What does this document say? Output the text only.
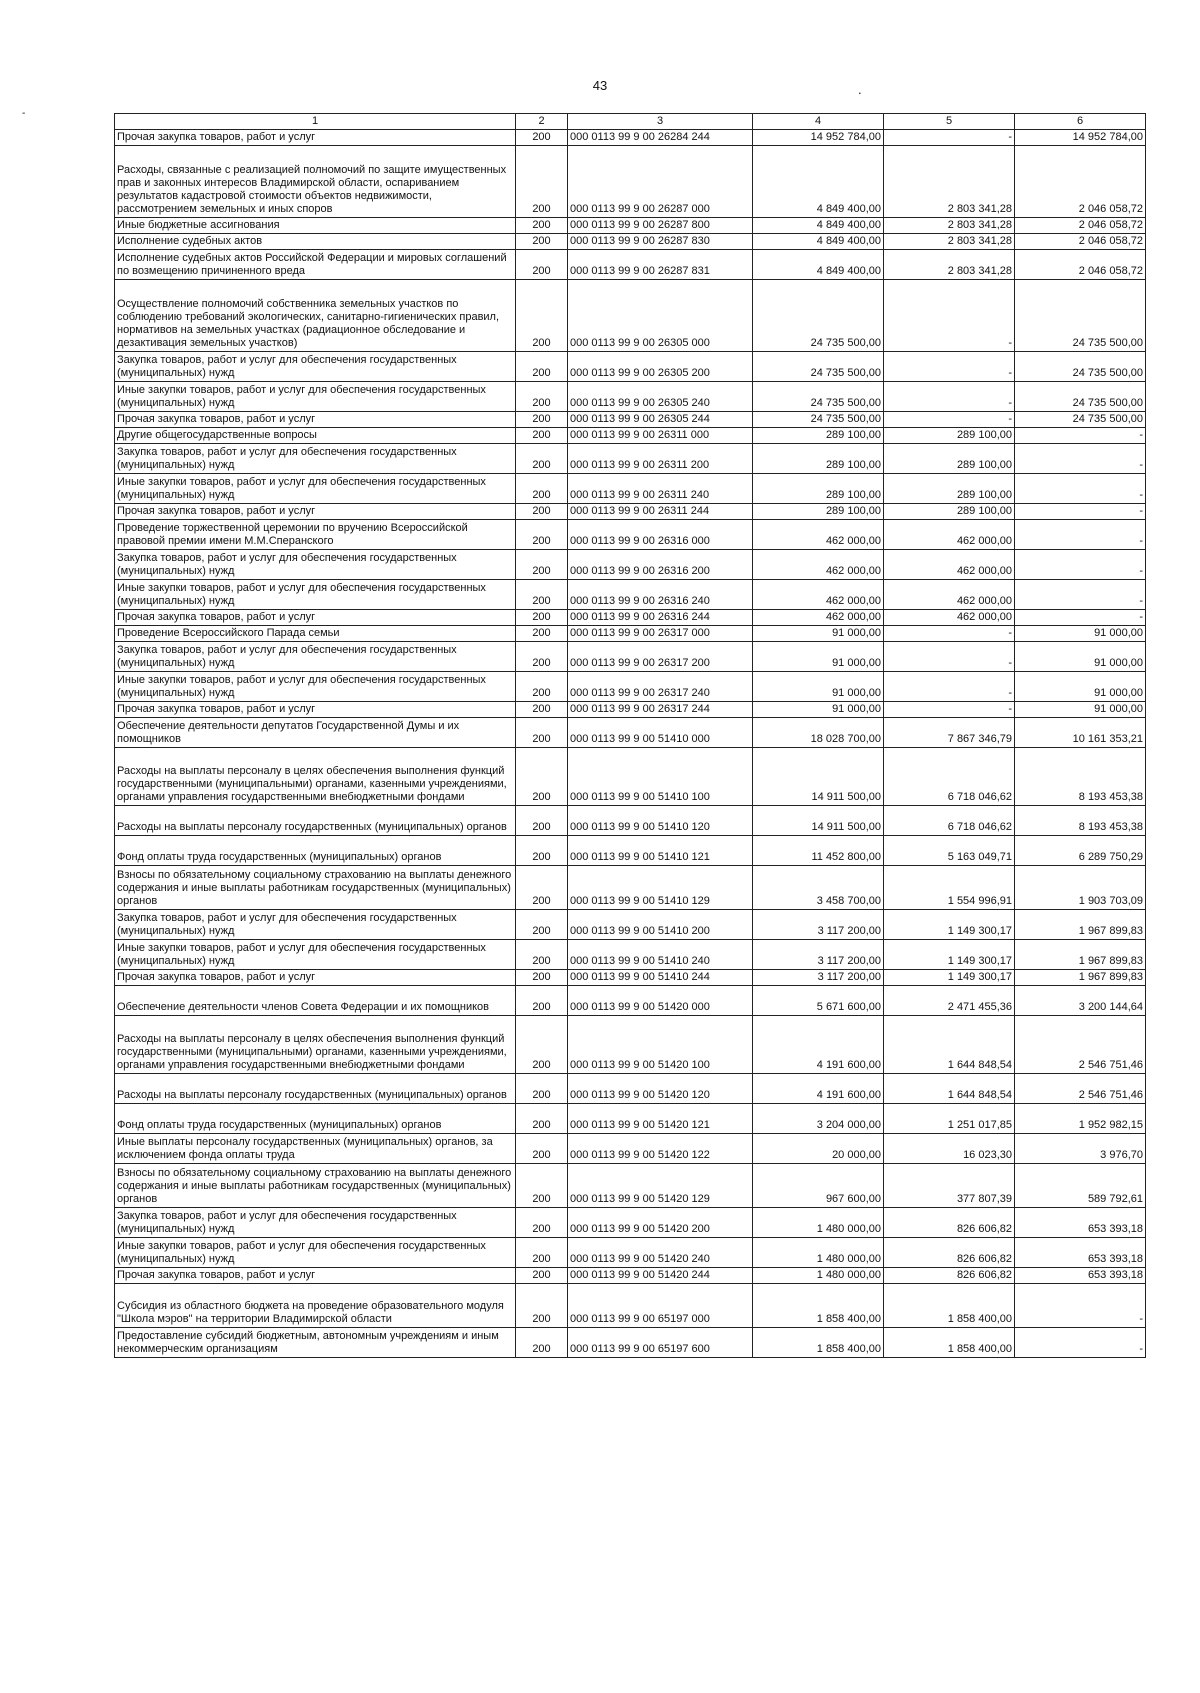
43	.
-
1	2	3	4	5	6
Прочая закупка товаров, работ и услуг	200	000 0113 99 9 00 26284 244	14 952 784,00	-	14 952 784,00
Расходы, связанные с реализацией полномочий по защите имущественных прав и законных интересов Владимирской области, оспариванием результатов кадастровой стоимости объектов недвижимости, рассмотрением земельных и иных споров	200	000 0113 99 9 00 26287 000	4 849 400,00	2 803 341,28	2 046 058,72
Иные бюджетные ассигнования	200	000 0113 99 9 00 26287 800	4 849 400,00	2 803 341,28	2 046 058,72
Исполнение судебных актов	200	000 0113 99 9 00 26287 830	4 849 400,00	2 803 341,28	2 046 058,72
Исполнение судебных актов Российской Федерации и мировых соглашений по возмещению причиненного вреда	200	000 0113 99 9 00 26287 831	4 849 400,00	2 803 341,28	2 046 058,72
Осуществление полномочий собственника земельных участков по соблюдению требований экологических, санитарно-гигиенических правил, нормативов на земельных участках (радиационное обследование и дезактивация земельных участков)	200	000 0113 99 9 00 26305 000	24 735 500,00	-	24 735 500,00
Закупка товаров, работ и услуг для обеспечения государственных (муниципальных) нужд	200	000 0113 99 9 00 26305 200	24 735 500,00	-	24 735 500,00
Иные закупки товаров, работ и услуг для обеспечения государственных (муниципальных) нужд	200	000 0113 99 9 00 26305 240	24 735 500,00	-	24 735 500,00
Прочая закупка товаров, работ и услуг	200	000 0113 99 9 00 26305 244	24 735 500,00	-	24 735 500,00
Другие общегосударственные вопросы	200	000 0113 99 9 00 26311 000	289 100,00	289 100,00	-
Закупка товаров, работ и услуг для обеспечения государственных (муниципальных) нужд	200	000 0113 99 9 00 26311 200	289 100,00	289 100,00	-
Иные закупки товаров, работ и услуг для обеспечения государственных (муниципальных) нужд	200	000 0113 99 9 00 26311 240	289 100,00	289 100,00	-
Прочая закупка товаров, работ и услуг	200	000 0113 99 9 00 26311 244	289 100,00	289 100,00	-
Проведение торжественной церемонии по вручению Всероссийской правовой премии имени М.М.Сперанского	200	000 0113 99 9 00 26316 000	462 000,00	462 000,00	-
Закупка товаров, работ и услуг для обеспечения государственных (муниципальных) нужд	200	000 0113 99 9 00 26316 200	462 000,00	462 000,00	-
Иные закупки товаров, работ и услуг для обеспечения государственных (муниципальных) нужд	200	000 0113 99 9 00 26316 240	462 000,00	462 000,00	-
Прочая закупка товаров, работ и услуг	200	000 0113 99 9 00 26316 244	462 000,00	462 000,00	-
Проведение Всероссийского Парада семьи	200	000 0113 99 9 00 26317 000	91 000,00	-	91 000,00
Закупка товаров, работ и услуг для обеспечения государственных (муниципальных) нужд	200	000 0113 99 9 00 26317 200	91 000,00	-	91 000,00
Иные закупки товаров, работ и услуг для обеспечения государственных (муниципальных) нужд	200	000 0113 99 9 00 26317 240	91 000,00	-	91 000,00
Прочая закупка товаров, работ и услуг	200	000 0113 99 9 00 26317 244	91 000,00	-	91 000,00
Обеспечение деятельности депутатов Государственной Думы и их помощников	200	000 0113 99 9 00 51410 000	18 028 700,00	7 867 346,79	10 161 353,21
Расходы на выплаты персоналу в целях обеспечения выполнения функций государственными (муниципальными) органами, казенными учреждениями, органами управления государственными внебюджетными фондами	200	000 0113 99 9 00 51410 100	14 911 500,00	6 718 046,62	8 193 453,38
Расходы на выплаты персоналу государственных (муниципальных) органов	200	000 0113 99 9 00 51410 120	14 911 500,00	6 718 046,62	8 193 453,38
Фонд оплаты труда государственных (муниципальных) органов	200	000 0113 99 9 00 51410 121	11 452 800,00	5 163 049,71	6 289 750,29
Взносы по обязательному социальному страхованию на выплаты денежного содержания и иные выплаты работникам государственных (муниципальных) органов	200	000 0113 99 9 00 51410 129	3 458 700,00	1 554 996,91	1 903 703,09
Закупка товаров, работ и услуг для обеспечения государственных (муниципальных) нужд	200	000 0113 99 9 00 51410 200	3 117 200,00	1 149 300,17	1 967 899,83
Иные закупки товаров, работ и услуг для обеспечения государственных (муниципальных) нужд	200	000 0113 99 9 00 51410 240	3 117 200,00	1 149 300,17	1 967 899,83
Прочая закупка товаров, работ и услуг	200	000 0113 99 9 00 51410 244	3 117 200,00	1 149 300,17	1 967 899,83
Обеспечение деятельности членов Совета Федерации и их помощников	200	000 0113 99 9 00 51420 000	5 671 600,00	2 471 455,36	3 200 144,64
Расходы на выплаты персоналу в целях обеспечения выполнения функций государственными (муниципальными) органами, казенными учреждениями, органами управления государственными внебюджетными фондами	200	000 0113 99 9 00 51420 100	4 191 600,00	1 644 848,54	2 546 751,46
Расходы на выплаты персоналу государственных (муниципальных) органов	200	000 0113 99 9 00 51420 120	4 191 600,00	1 644 848,54	2 546 751,46
Фонд оплаты труда государственных (муниципальных) органов	200	000 0113 99 9 00 51420 121	3 204 000,00	1 251 017,85	1 952 982,15
Иные выплаты персоналу государственных (муниципальных) органов, за исключением фонда оплаты труда	200	000 0113 99 9 00 51420 122	20 000,00	16 023,30	3 976,70
Взносы по обязательному социальному страхованию на выплаты денежного содержания и иные выплаты работникам государственных (муниципальных) органов	200	000 0113 99 9 00 51420 129	967 600,00	377 807,39	589 792,61
Закупка товаров, работ и услуг для обеспечения государственных (муниципальных) нужд	200	000 0113 99 9 00 51420 200	1 480 000,00	826 606,82	653 393,18
Иные закупки товаров, работ и услуг для обеспечения государственных (муниципальных) нужд	200	000 0113 99 9 00 51420 240	1 480 000,00	826 606,82	653 393,18
Прочая закупка товаров, работ и услуг	200	000 0113 99 9 00 51420 244	1 480 000,00	826 606,82	653 393,18
Субсидия из областного бюджета на проведение образовательного модуля "Школа мэров" на территории Владимирской области	200	000 0113 99 9 00 65197 000	1 858 400,00	1 858 400,00	-
Предоставление субсидий бюджетным, автономным учреждениям и иным некоммерческим организациям	200	000 0113 99 9 00 65197 600	1 858 400,00	1 858 400,00	-
